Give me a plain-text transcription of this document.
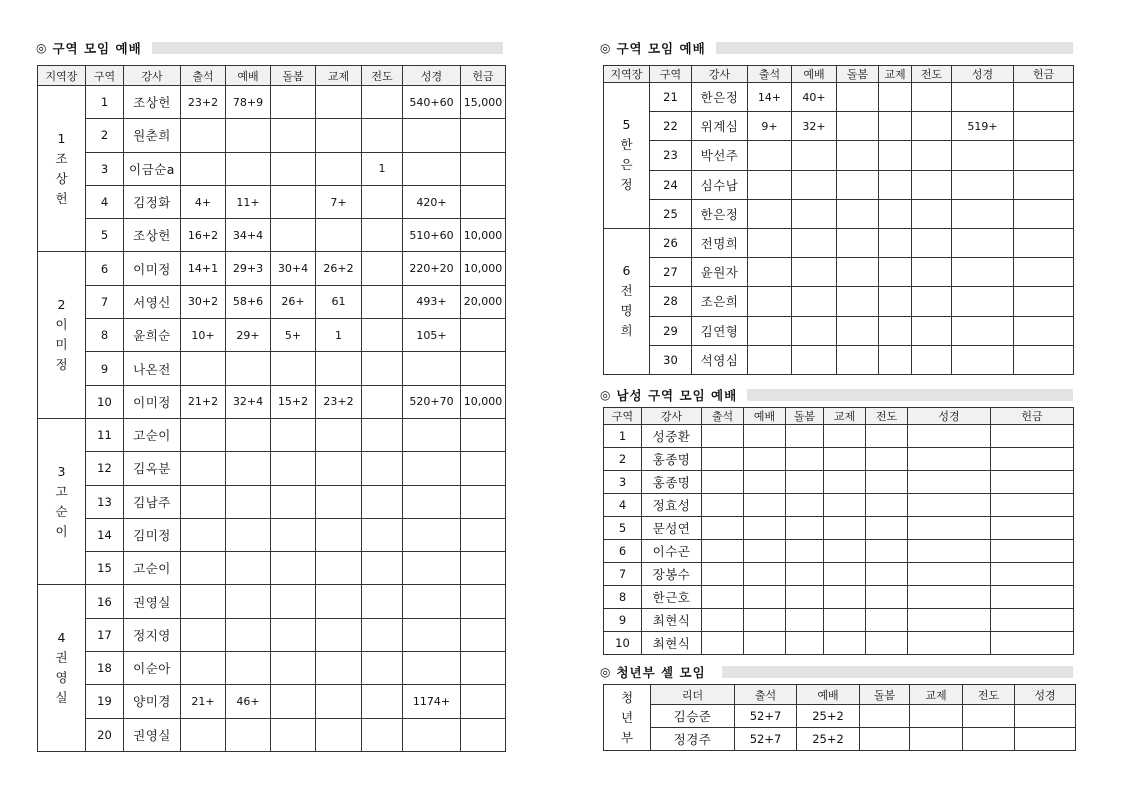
◎ 구역 모임 예배
지역장	구역	강사	출석	예배	돌봄	교제	전도	성경	헌금

1
조
상
헌	1	조상헌	23+2	78+9				540+60	15,000
	2	원춘희							
	3	이금순a					1		
	4	김정화	4+	11+		7+		420+	
	5	조상헌	16+2	34+4				510+60	10,000

2
이
미
정	6	이미정	14+1	29+3	30+4	26+2		220+20	10,000
	7	서영신	30+2	58+6	26+	61		493+	20,000
	8	윤희순	10+	29+	5+	1		105+	
	9	나온전							
	10	이미정	21+2	32+4	15+2	23+2		520+70	10,000

3
고
순
이	11	고순이							
	12	김옥분							
	13	김남주							
	14	김미정							
	15	고순이							

4
권
영
실	16	권영실							
	17	정지영							
	18	이순아							
	19	양미경	21+	46+				1174+	
	20	권영실							
◎ 구역 모임 예배
지역장	구역	강사	출석	예배	돌봄	교제	전도	성경	헌금

5
한
은
정	21	한은정	14+	40+					
	22	위계심	9+	32+				519+	
	23	박선주							
	24	심수남							
	25	한은정							

6
전
명
희	26	전명희							
	27	윤원자							
	28	조은희							
	29	김연형							
	30	석영심							
◎ 남성 구역 모임 예배
구역	강사	출석	예배	돌봄	교제	전도	성경	헌금
1	성중환							
2	홍종명							
3	홍종명							
4	정효성							
5	문성연							
6	이수곤							
7	장봉수							
8	한근호							
9	최현식							
10	최현식							
◎ 청년부 셀 모임
청
년
부	리더	출석	예배	돌봄	교제	전도	성경
	김승준	52+7	25+2				
	정경주	52+7	25+2				
